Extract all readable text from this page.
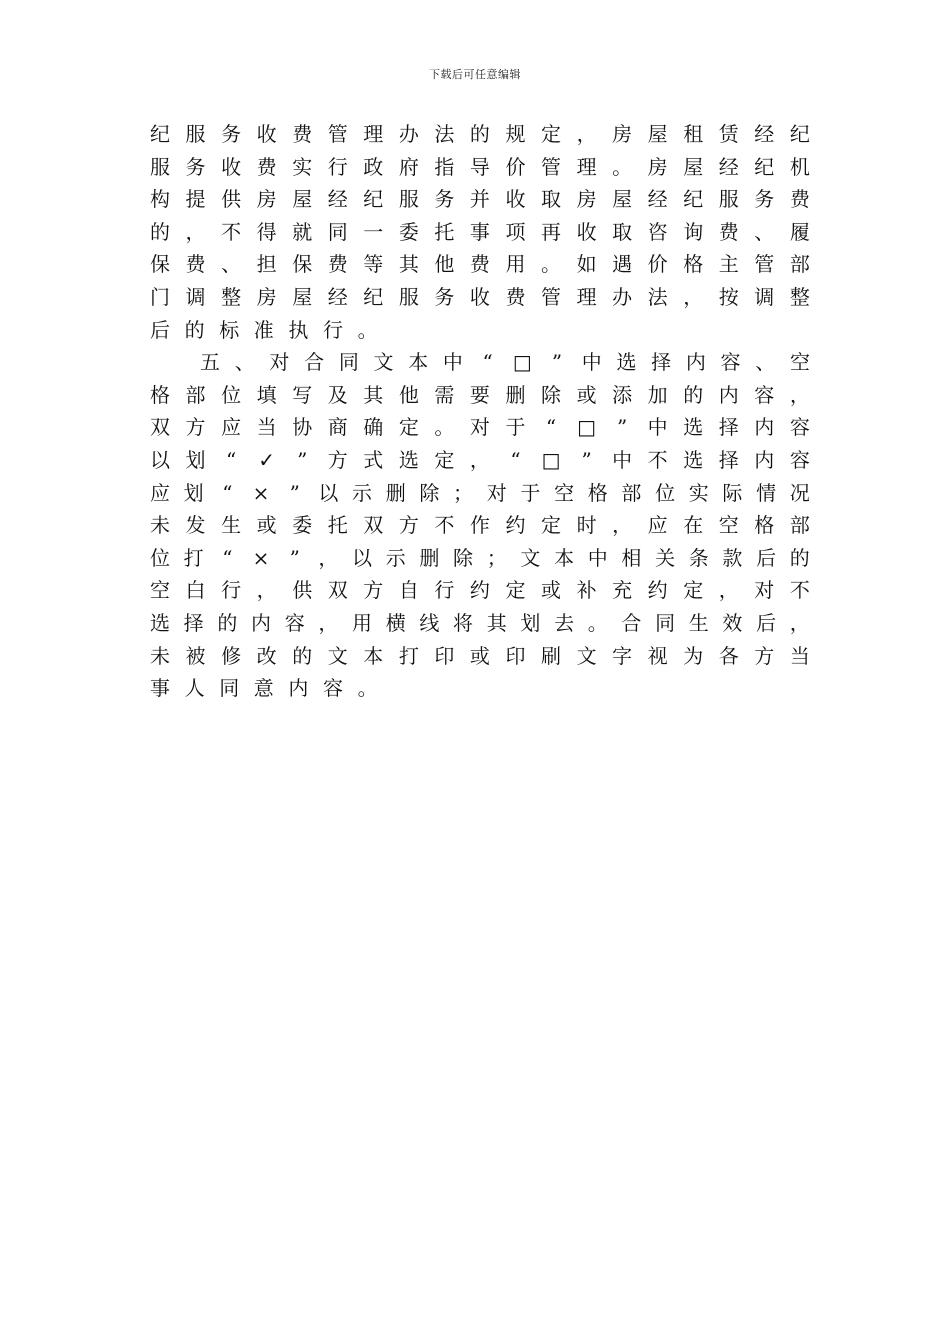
下载后可任意编辑
纪 服 务 收 费 管 理 办 法 的 规 定 ， 房 屋 租 赁 经 纪
服 务 收 费 实 行 政 府 指 导 价 管 理 。 房 屋 经 纪 机
构 提 供 房 屋 经 纪 服 务 并 收 取 房 屋 经 纪 服 务 费
的 ， 不 得 就 同 一 委 托 事 项 再 收 取 咨 询 费 、 履
保 费 、 担 保 费 等 其 他 费 用 。 如 遇 价 格 主 管 部
门 调 整 房 屋 经 纪 服 务 收 费 管 理 办 法 ， 按 调 整
后 的 标 准 执 行 。
五 、 对 合 同 文 本 中 “ □ ” 中 选 择 内 容 、 空
格 部 位 填 写 及 其 他 需 要 删 除 或 添 加 的 内 容 ，
双 方 应 当 协 商 确 定 。 对 于 “ □ ” 中 选 择 内 容
以 划 “ ✓ ” 方 式 选 定 ， “ □ ” 中 不 选 择 内 容
应 划 “ × ” 以 示 删 除 ； 对 于 空 格 部 位 实 际 情 况
未 发 生 或 委 托 双 方 不 作 约 定 时 ， 应 在 空 格 部
位 打 “ × ” ， 以 示 删 除 ； 文 本 中 相 关 条 款 后 的
空 白 行 ， 供 双 方 自 行 约 定 或 补 充 约 定 ， 对 不
选 择 的 内 容 ， 用 横 线 将 其 划 去 。 合 同 生 效 后 ，
未 被 修 改 的 文 本 打 印 或 印 刷 文 字 视 为 各 方 当
事 人 同 意 内 容 。
